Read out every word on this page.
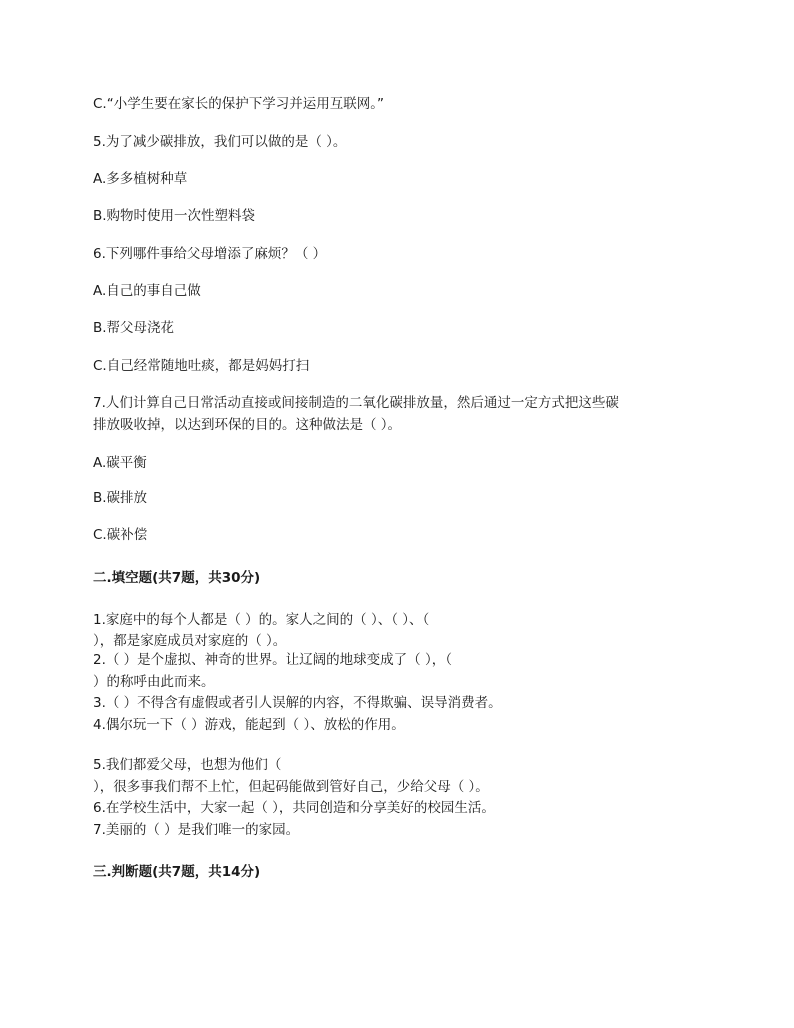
C.“小学生要在家长的保护下学习并运用互联网。”
5.为了减少碳排放，我们可以做的是（ ）。
A.多多植树种草
B.购物时使用一次性塑料袋
6.下列哪件事给父母增添了麻烦？（ ）
A.自己的事自己做
B.帮父母浇花
C.自己经常随地吐痰，都是妈妈打扫
7.人们计算自己日常活动直接或间接制造的二氧化碳排放量，然后通过一定方式把这些碳
排放吸收掉，以达到环保的目的。这种做法是（ ）。
A.碳平衡
B.碳排放
C.碳补偿
二.填空题(共7题，共30分)
1.家庭中的每个人都是（ ）的。家人之间的（ ）、（ ）、（
），都是家庭成员对家庭的（ ）。
2.（ ）是个虚拟、神奇的世界。让辽阔的地球变成了（ ），（
）的称呼由此而来。
3.（ ）不得含有虚假或者引人误解的内容，不得欺骗、误导消费者。
4.偶尔玩一下（ ）游戏，能起到（ ）、放松的作用。
5.我们都爱父母，也想为他们（
），很多事我们帮不上忙，但起码能做到管好自己，少给父母（ ）。
6.在学校生活中，大家一起（ ），共同创造和分享美好的校园生活。
7.美丽的（ ）是我们唯一的家园。
三.判断题(共7题，共14分)
